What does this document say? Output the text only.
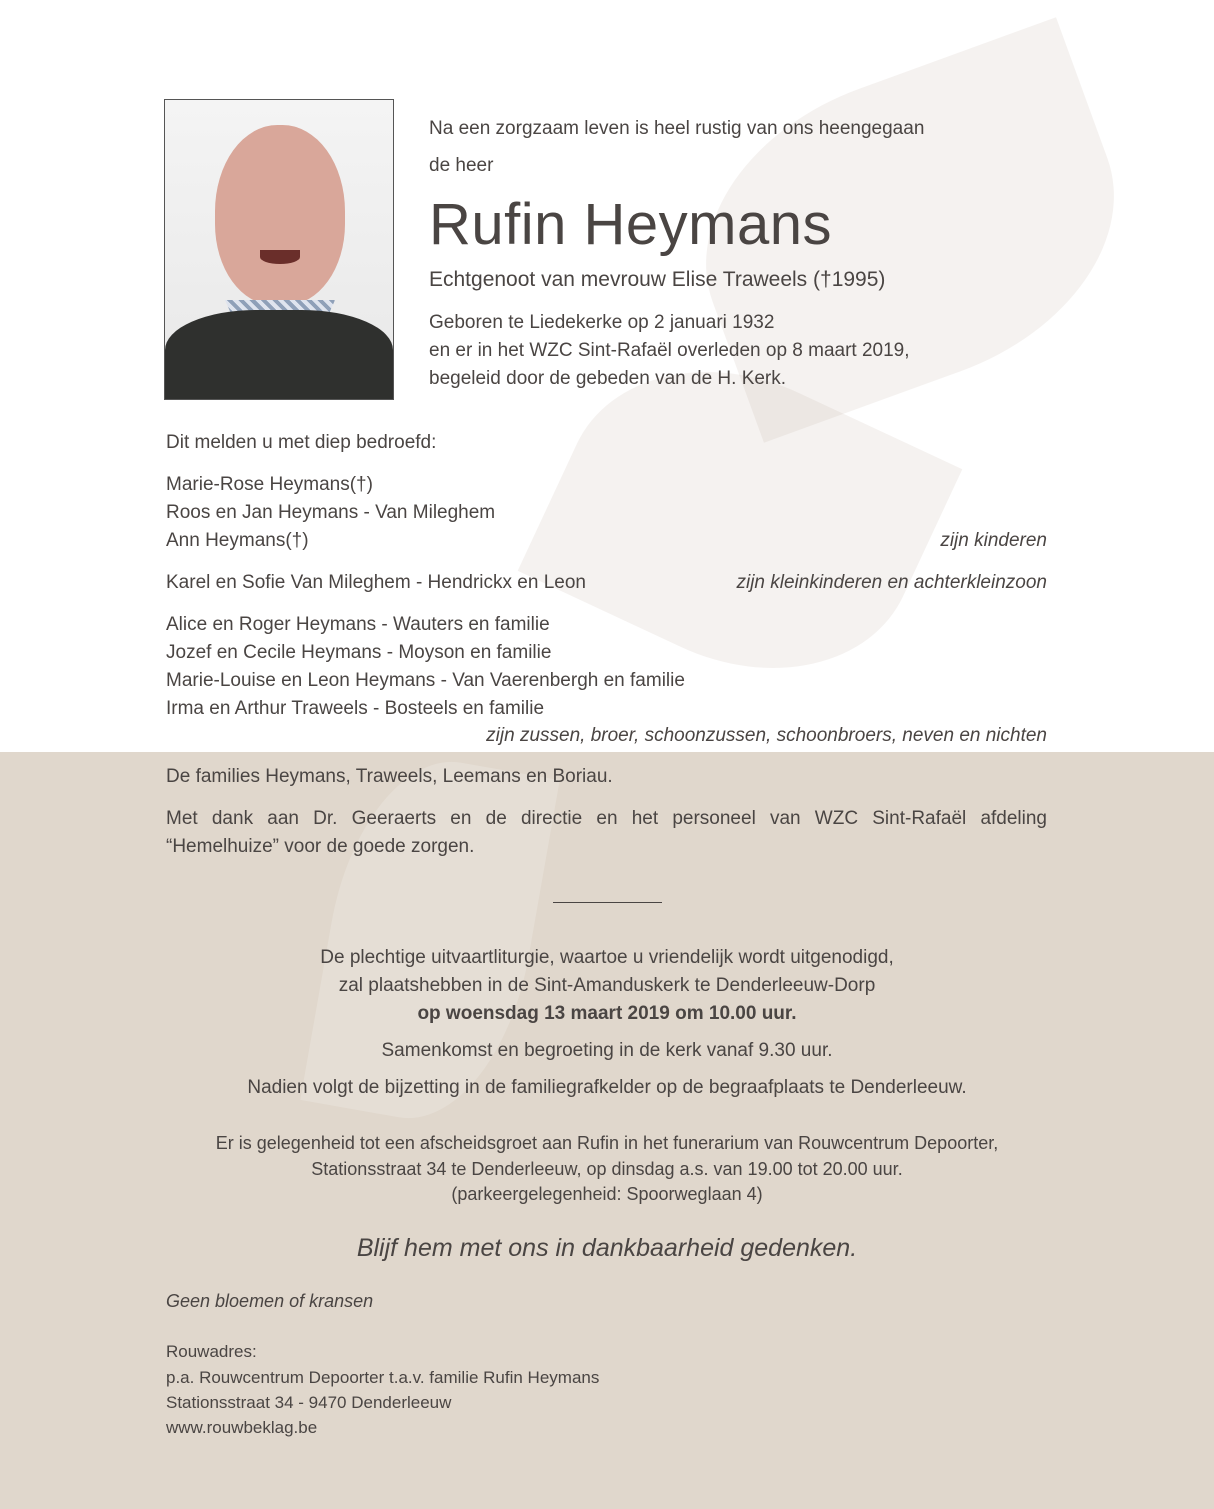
Na een zorgzaam leven is heel rustig van ons heengegaan
de heer
Rufin Heymans
Echtgenoot van mevrouw Elise Traweels (†1995)
Geboren te Liedekerke op 2 januari 1932
en er in het WZC Sint-Rafaël overleden op 8 maart 2019,
begeleid door de gebeden van de H. Kerk.
Dit melden u met diep bedroefd:
Marie-Rose Heymans(†)
Roos en Jan Heymans - Van Mileghem
Ann Heymans(†)	zijn kinderen
Karel en Sofie Van Mileghem - Hendrickx en Leon	zijn kleinkinderen en achterkleinzoon
Alice en Roger Heymans - Wauters en familie
Jozef en Cecile Heymans - Moyson en familie
Marie-Louise en Leon Heymans - Van Vaerenbergh en familie
Irma en Arthur Traweels - Bosteels en familie
zijn zussen, broer, schoonzussen, schoonbroers, neven en nichten
De families Heymans, Traweels, Leemans en Boriau.
Met dank aan Dr. Geeraerts en de directie en het personeel van WZC Sint-Rafaël afdeling
“Hemelhuize” voor de goede zorgen.
De plechtige uitvaartliturgie, waartoe u vriendelijk wordt uitgenodigd,
zal plaatshebben in de Sint-Amanduskerk te Denderleeuw-Dorp
op woensdag 13 maart 2019 om 10.00 uur.
Samenkomst en begroeting in de kerk vanaf 9.30 uur.
Nadien volgt de bijzetting in de familiegrafkelder op de begraafplaats te Denderleeuw.
Er is gelegenheid tot een afscheidsgroet aan Rufin in het funerarium van Rouwcentrum Depoorter,
Stationsstraat 34 te Denderleeuw, op dinsdag a.s. van 19.00 tot 20.00 uur.
(parkeergelegenheid: Spoorweglaan 4)
Blijf hem met ons in dankbaarheid gedenken.
Geen bloemen of kransen
Rouwadres:
p.a. Rouwcentrum Depoorter t.a.v. familie Rufin Heymans
Stationsstraat 34 - 9470 Denderleeuw
www.rouwbeklag.be
